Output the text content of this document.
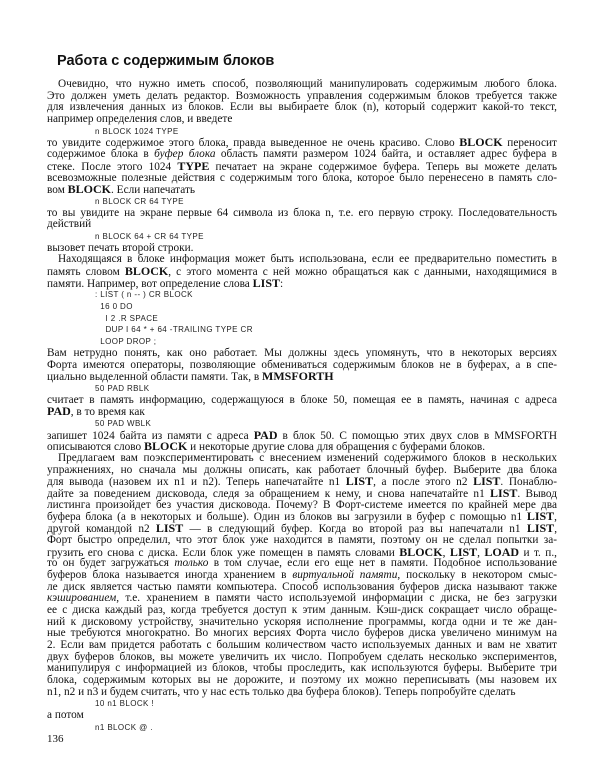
Работа с содержимым блоков
Очевидно, что нужно иметь способ, позволяющий манипулировать содержимым любого блока.
Это должен уметь делать редактор. Возможность управления содержимым блоков требуется также
для извлечения данных из блоков. Если вы выбираете блок (n), который содержит какой-то текст,
например определения слов, и введете
n BLOCK 1024 TYPE
то увидите содержимое этого блока, правда выведенное не очень красиво. Слово BLOCK переносит
содержимое блока в буфер блока область памяти размером 1024 байта, и оставляет адрес буфера в
стеке. После этого 1024 TYPE печатает на экране содержимое буфера. Теперь вы можете делать
всевозможные полезные действия с содержимым того блока, которое было перенесено в память сло-
вом BLOCK. Если напечатать
n BLOCK CR 64 TYPE
то вы увидите на экране первые 64 символа из блока n, т.е. его первую строку. Последовательность
действий
n BLOCK 64 + CR 64 TYPE
вызовет печать второй строки.
Находящаяся в блоке информация может быть использована, если ее предварительно поместить в
память словом BLOCK, с этого момента с ней можно обращаться как с данными, находящимися в
памяти. Например, вот определение слова LIST:
: LIST ( n -- ) CR BLOCK
16 0 DO
I 2 .R SPACE
DUP I 64 * + 64 -TRAILING TYPE CR
LOOP DROP ;
Вам нетрудно понять, как оно работает. Мы должны здесь упомянуть, что в некоторых версиях
Форта имеются операторы, позволяющие обмениваться содержимым блоков не в буферах, а в спе-
циально выделенной области памяти. Так, в MMSFORTH
50 PAD RBLK
считает в память информацию, содержащуюся в блоке 50, помещая ее в память, начиная с адреса
PAD, в то время как
50 PAD WBLK
запишет 1024 байта из памяти с адреса PAD в блок 50. С помощью этих двух слов в MMSFORTH
описываются слово BLOCK и некоторые другие слова для обращения с буферами блоков.
Предлагаем вам поэкспериментировать с внесением изменений содержимого блоков в нескольких
упражнениях, но сначала мы должны описать, как работает блочный буфер. Выберите два блока
для вывода (назовем их n1 и n2). Теперь напечатайте n1 LIST, а после этого n2 LIST. Понаблю-
дайте за поведением дисковода, следя за обращением к нему, и снова напечатайте n1 LIST. Вывод
листинга произойдет без участия дисковода. Почему? В Форт-системе имеется по крайней мере два
буфера блока (а в некоторых и больше). Один из блоков вы загрузили в буфер с помощью n1 LIST,
другой командой n2 LIST — в следующий буфер. Когда во второй раз вы напечатали n1 LIST,
Форт быстро определил, что этот блок уже находится в памяти, поэтому он не сделал попытки за-
грузить его снова с диска. Если блок уже помещен в память словами BLOCK, LIST, LOAD и т. п.,
то он будет загружаться только в том случае, если его еще нет в памяти. Подобное использование
буферов блока называется иногда хранением в виртуальной памяти, поскольку в некотором смыс-
ле диск является частью памяти компьютера. Способ использования буферов диска называют также
кэшированием, т.е. хранением в памяти часто используемой информации с диска, не без загрузки
ее с диска каждый раз, когда требуется доступ к этим данным. Кэш-диск сокращает число обраще-
ний к дисковому устройству, значительно ускоряя исполнение программы, когда одни и те же дан-
ные требуются многократно. Во многих версиях Форта число буферов диска увеличено минимум на
2. Если вам придется работать с большим количеством часто используемых данных и вам не хватит
двух буферов блоков, вы можете увеличить их число. Попробуем сделать несколько экспериментов,
манипулируя с информацией из блоков, чтобы проследить, как используются буферы. Выберите три
блока, содержимым которых вы не дорожите, и поэтому их можно переписывать (мы назовем их
n1, n2 и n3 и будем считать, что у нас есть только два буфера блоков). Теперь попробуйте сделать
10 n1 BLOCK !
а потом
n1 BLOCK @ .
136
